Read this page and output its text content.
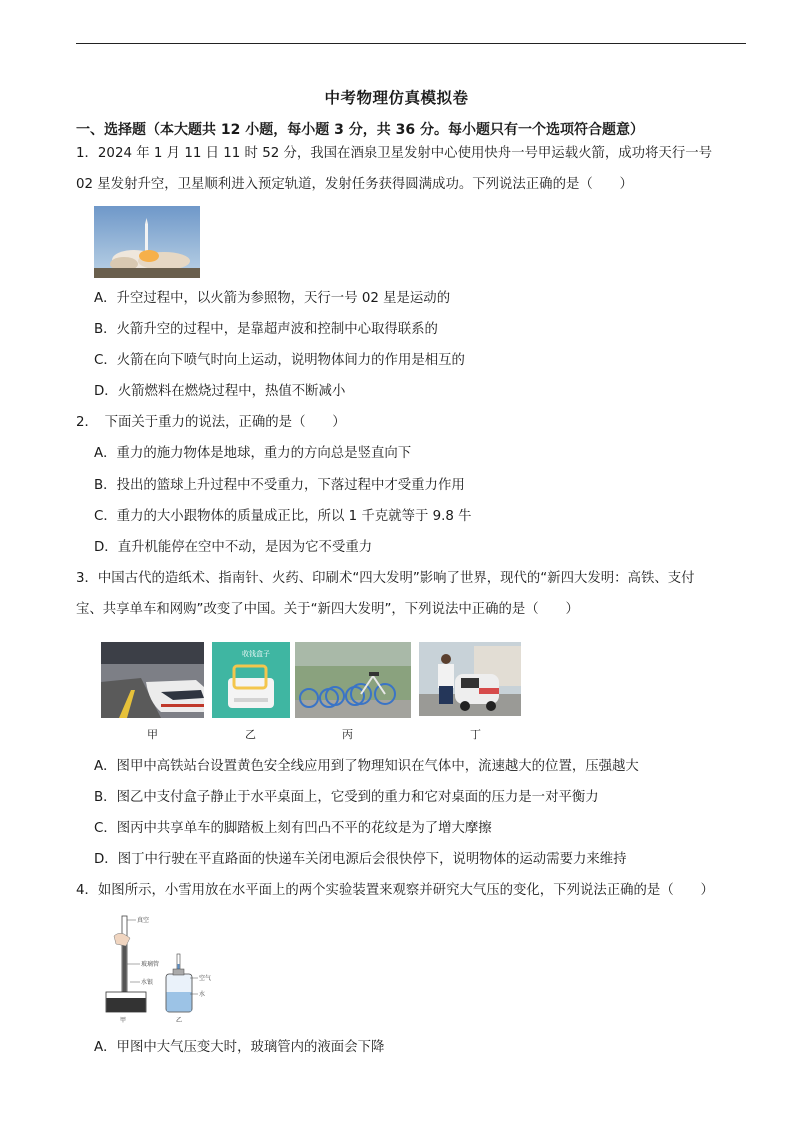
中考物理仿真模拟卷
一、选择题（本大题共 12 小题，每小题 3 分，共 36 分。每小题只有一个选项符合题意）
1．2024 年 1 月 11 日 11 时 52 分，我国在酒泉卫星发射中心使用快舟一号甲运载火箭，成功将天行一号
02 星发射升空，卫星顺利进入预定轨道，发射任务获得圆满成功。下列说法正确的是（　　）
A．升空过程中，以火箭为参照物，天行一号 02 星是运动的
B．火箭升空的过程中，是靠超声波和控制中心取得联系的
C．火箭在向下喷气时向上运动，说明物体间力的作用是相互的
D．火箭燃料在燃烧过程中，热值不断减小
2．　下面关于重力的说法，正确的是（　　）
A．重力的施力物体是地球，重力的方向总是竖直向下
B．投出的篮球上升过程中不受重力，下落过程中才受重力作用
C．重力的大小跟物体的质量成正比，所以 1 千克就等于 9.8 牛
D．直升机能停在空中不动，是因为它不受重力
3．中国古代的造纸术、指南针、火药、印刷术“四大发明”影响了世界，现代的“新四大发明：高铁、支付
宝、共享单车和网购”改变了中国。关于“新四大发明”，下列说法中正确的是（　　）
收钱盒子
甲	乙	丙	丁
A．图甲中高铁站台设置黄色安全线应用到了物理知识在气体中，流速越大的位置，压强越大
B．图乙中支付盒子静止于水平桌面上，它受到的重力和它对桌面的压力是一对平衡力
C．图丙中共享单车的脚踏板上刻有凹凸不平的花纹是为了增大摩擦
D．图丁中行驶在平直路面的快递车关闭电源后会很快停下，说明物体的运动需要力来维持
4．如图所示，小雪用放在水平面上的两个实验装置来观察并研究大气压的变化，下列说法正确的是（　　）
真空
玻璃管
水银
甲
空气
水
乙
A．甲图中大气压变大时，玻璃管内的液面会下降
